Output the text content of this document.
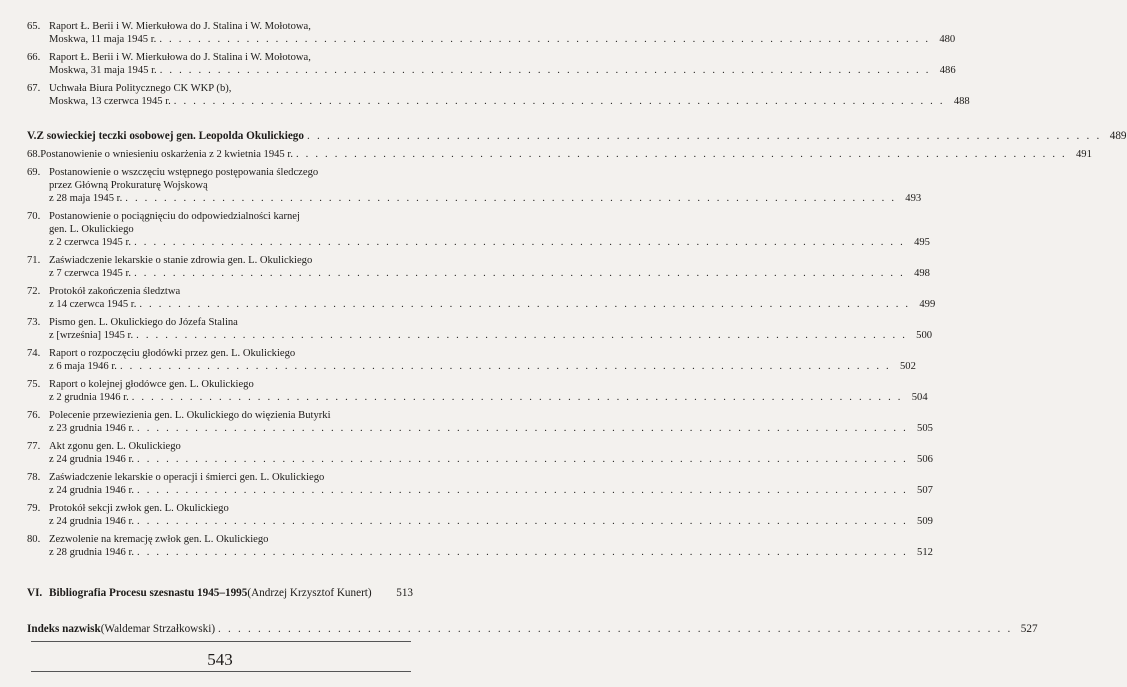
65. Raport Ł. Berii i W. Mierkułowa do J. Stalina i W. Mołotowa,
Moskwa, 11 maja 1945 r. . . . . . . . . . . . . . . . . . . . . . . . . . . . . . . . . . . . . . . . . . . . . . . . . . . . . . . . . . . . . . . . . . . . . . . . . . . . . . . . . 480
66. Raport Ł. Berii i W. Mierkułowa do J. Stalina i W. Mołotowa,
Moskwa, 31 maja 1945 r. . . . . . . . . . . . . . . . . . . . . . . . . . . . . . . . . . . . . . . . . . . . . . . . . . . . . . . . . . . . . . . . . . . . . . . . . . . . . . . . . 486
67. Uchwała Biura Politycznego CK WKP (b),
Moskwa, 13 czerwca 1945 r. . . . . . . . . . . . . . . . . . . . . . . . . . . . . . . . . . . . . . . . . . . . . . . . . . . . . . . . . . . . . . . . . . . . . . . . . . . . . . . . . 488
V. Z sowieckiej teczki osobowej gen. Leopolda Okulickiego . . . . . . . . . . . . . . . . . . . . . . . . . . . . . . . . . . . . . . . . . . . . . . . . . . . . . . . . . . . . . . . . . . . . . . . . . . . . . . . . 489
68. Postanowienie o wniesieniu oskarżenia z 2 kwietnia 1945 r. . . . . . . . . . . . . . . . . . . . . . . . . . . . . . . . . . . . . . . . . . . . . . . . . . . . . . . . . . . . . . . . . . . . . . . . . . . . . . . . . 491
69. Postanowienie o wszczęciu wstępnego postępowania śledczego
przez Główną Prokuraturę Wojskową
z 28 maja 1945 r. . . . . . . . . . . . . . . . . . . . . . . . . . . . . . . . . . . . . . . . . . . . . . . . . . . . . . . . . . . . . . . . . . . . . . . . . . . . . . . . . 493
70. Postanowienie o pociągnięciu do odpowiedzialności karnej
gen. L. Okulickiego
z 2 czerwca 1945 r. . . . . . . . . . . . . . . . . . . . . . . . . . . . . . . . . . . . . . . . . . . . . . . . . . . . . . . . . . . . . . . . . . . . . . . . . . . . . . . . . 495
71. Zaświadczenie lekarskie o stanie zdrowia gen. L. Okulickiego
z 7 czerwca 1945 r. . . . . . . . . . . . . . . . . . . . . . . . . . . . . . . . . . . . . . . . . . . . . . . . . . . . . . . . . . . . . . . . . . . . . . . . . . . . . . . . . 498
72. Protokół zakończenia śledztwa
z 14 czerwca 1945 r. . . . . . . . . . . . . . . . . . . . . . . . . . . . . . . . . . . . . . . . . . . . . . . . . . . . . . . . . . . . . . . . . . . . . . . . . . . . . . . . . 499
73. Pismo gen. L. Okulickiego do Józefa Stalina
z [września] 1945 r. . . . . . . . . . . . . . . . . . . . . . . . . . . . . . . . . . . . . . . . . . . . . . . . . . . . . . . . . . . . . . . . . . . . . . . . . . . . . . . . . 500
74. Raport o rozpoczęciu głodówki przez gen. L. Okulickiego
z 6 maja 1946 r. . . . . . . . . . . . . . . . . . . . . . . . . . . . . . . . . . . . . . . . . . . . . . . . . . . . . . . . . . . . . . . . . . . . . . . . . . . . . . . . . 502
75. Raport o kolejnej głodówce gen. L. Okulickiego
z 2 grudnia 1946 r. . . . . . . . . . . . . . . . . . . . . . . . . . . . . . . . . . . . . . . . . . . . . . . . . . . . . . . . . . . . . . . . . . . . . . . . . . . . . . . . . 504
76. Polecenie przewiezienia gen. L. Okulickiego do więzienia Butyrki
z 23 grudnia 1946 r. . . . . . . . . . . . . . . . . . . . . . . . . . . . . . . . . . . . . . . . . . . . . . . . . . . . . . . . . . . . . . . . . . . . . . . . . . . . . . . . . 505
77. Akt zgonu gen. L. Okulickiego
z 24 grudnia 1946 r. . . . . . . . . . . . . . . . . . . . . . . . . . . . . . . . . . . . . . . . . . . . . . . . . . . . . . . . . . . . . . . . . . . . . . . . . . . . . . . . . 506
78. Zaświadczenie lekarskie o operacji i śmierci gen. L. Okulickiego
z 24 grudnia 1946 r. . . . . . . . . . . . . . . . . . . . . . . . . . . . . . . . . . . . . . . . . . . . . . . . . . . . . . . . . . . . . . . . . . . . . . . . . . . . . . . . . 507
79. Protokół sekcji zwłok gen. L. Okulickiego
z 24 grudnia 1946 r. . . . . . . . . . . . . . . . . . . . . . . . . . . . . . . . . . . . . . . . . . . . . . . . . . . . . . . . . . . . . . . . . . . . . . . . . . . . . . . . . 509
80. Zezwolenie na kremację zwłok gen. L. Okulickiego
z 28 grudnia 1946 r. . . . . . . . . . . . . . . . . . . . . . . . . . . . . . . . . . . . . . . . . . . . . . . . . . . . . . . . . . . . . . . . . . . . . . . . . . . . . . . . . 512
VI. Bibliografia Procesu szesnastu 1945–1995 (Andrzej Krzysztof Kunert)	513
Indeks nazwisk (Waldemar Strzałkowski) . . . . . . . . . . . . . . . . . . . . . . . . . . . . . . . . . . . . . . . . . . . . . . . . . . . . . . . . . . . . . . . . . . . . . . . . . . . . . . . . 527
543
